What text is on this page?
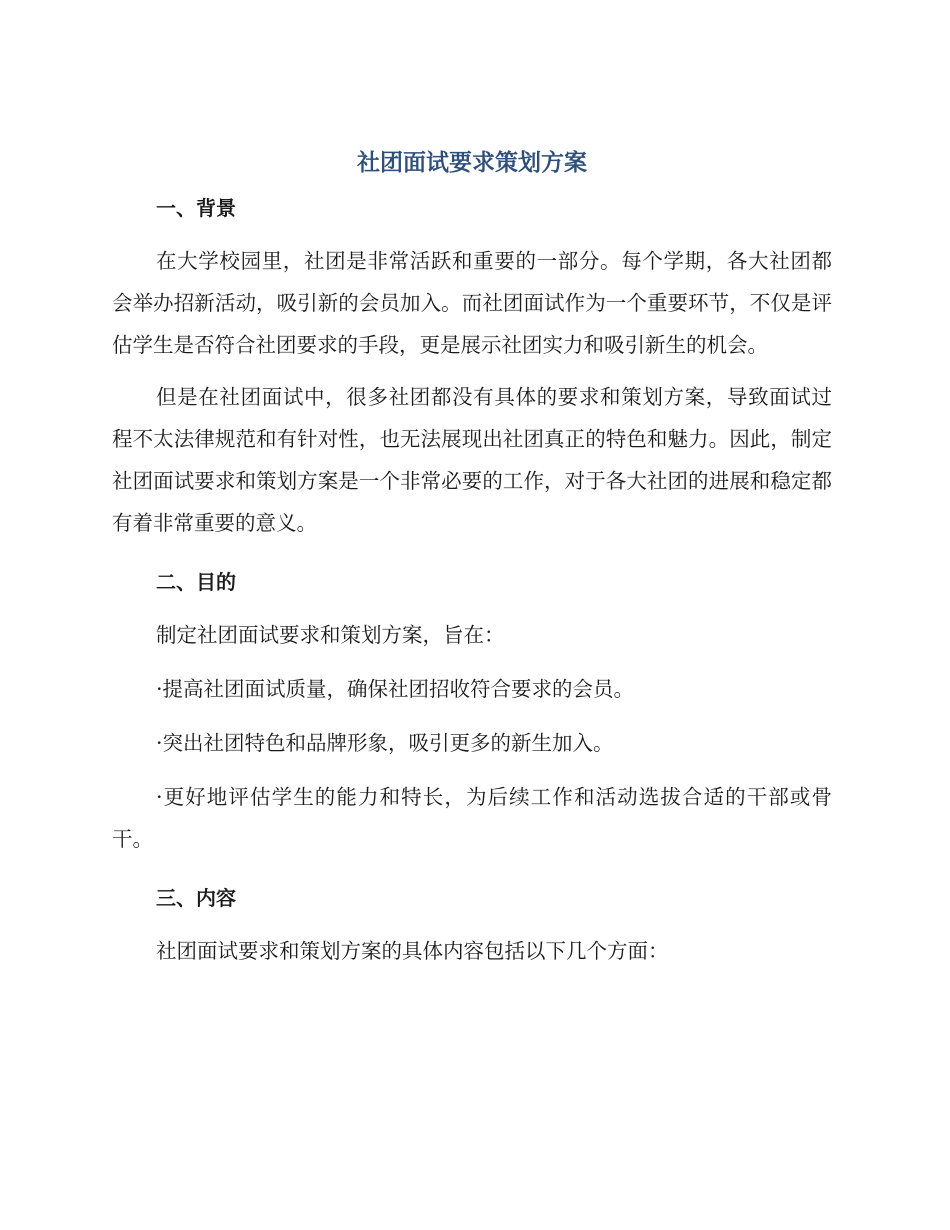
社团面试要求策划方案
一、背景

在大学校园里，社团是非常活跃和重要的一部分。每个学期，各大社团都会举办招新活动，吸引新的会员加入。而社团面试作为一个重要环节，不仅是评估学生是否符合社团要求的手段，更是展示社团实力和吸引新生的机会。

但是在社团面试中，很多社团都没有具体的要求和策划方案，导致面试过程不太法律规范和有针对性，也无法展现出社团真正的特色和魅力。因此，制定社团面试要求和策划方案是一个非常必要的工作，对于各大社团的进展和稳定都有着非常重要的意义。

二、目的

制定社团面试要求和策划方案，旨在：

·提高社团面试质量，确保社团招收符合要求的会员。

·突出社团特色和品牌形象，吸引更多的新生加入。

·更好地评估学生的能力和特长，为后续工作和活动选拔合适的干部或骨干。

三、内容

社团面试要求和策划方案的具体内容包括以下几个方面：
